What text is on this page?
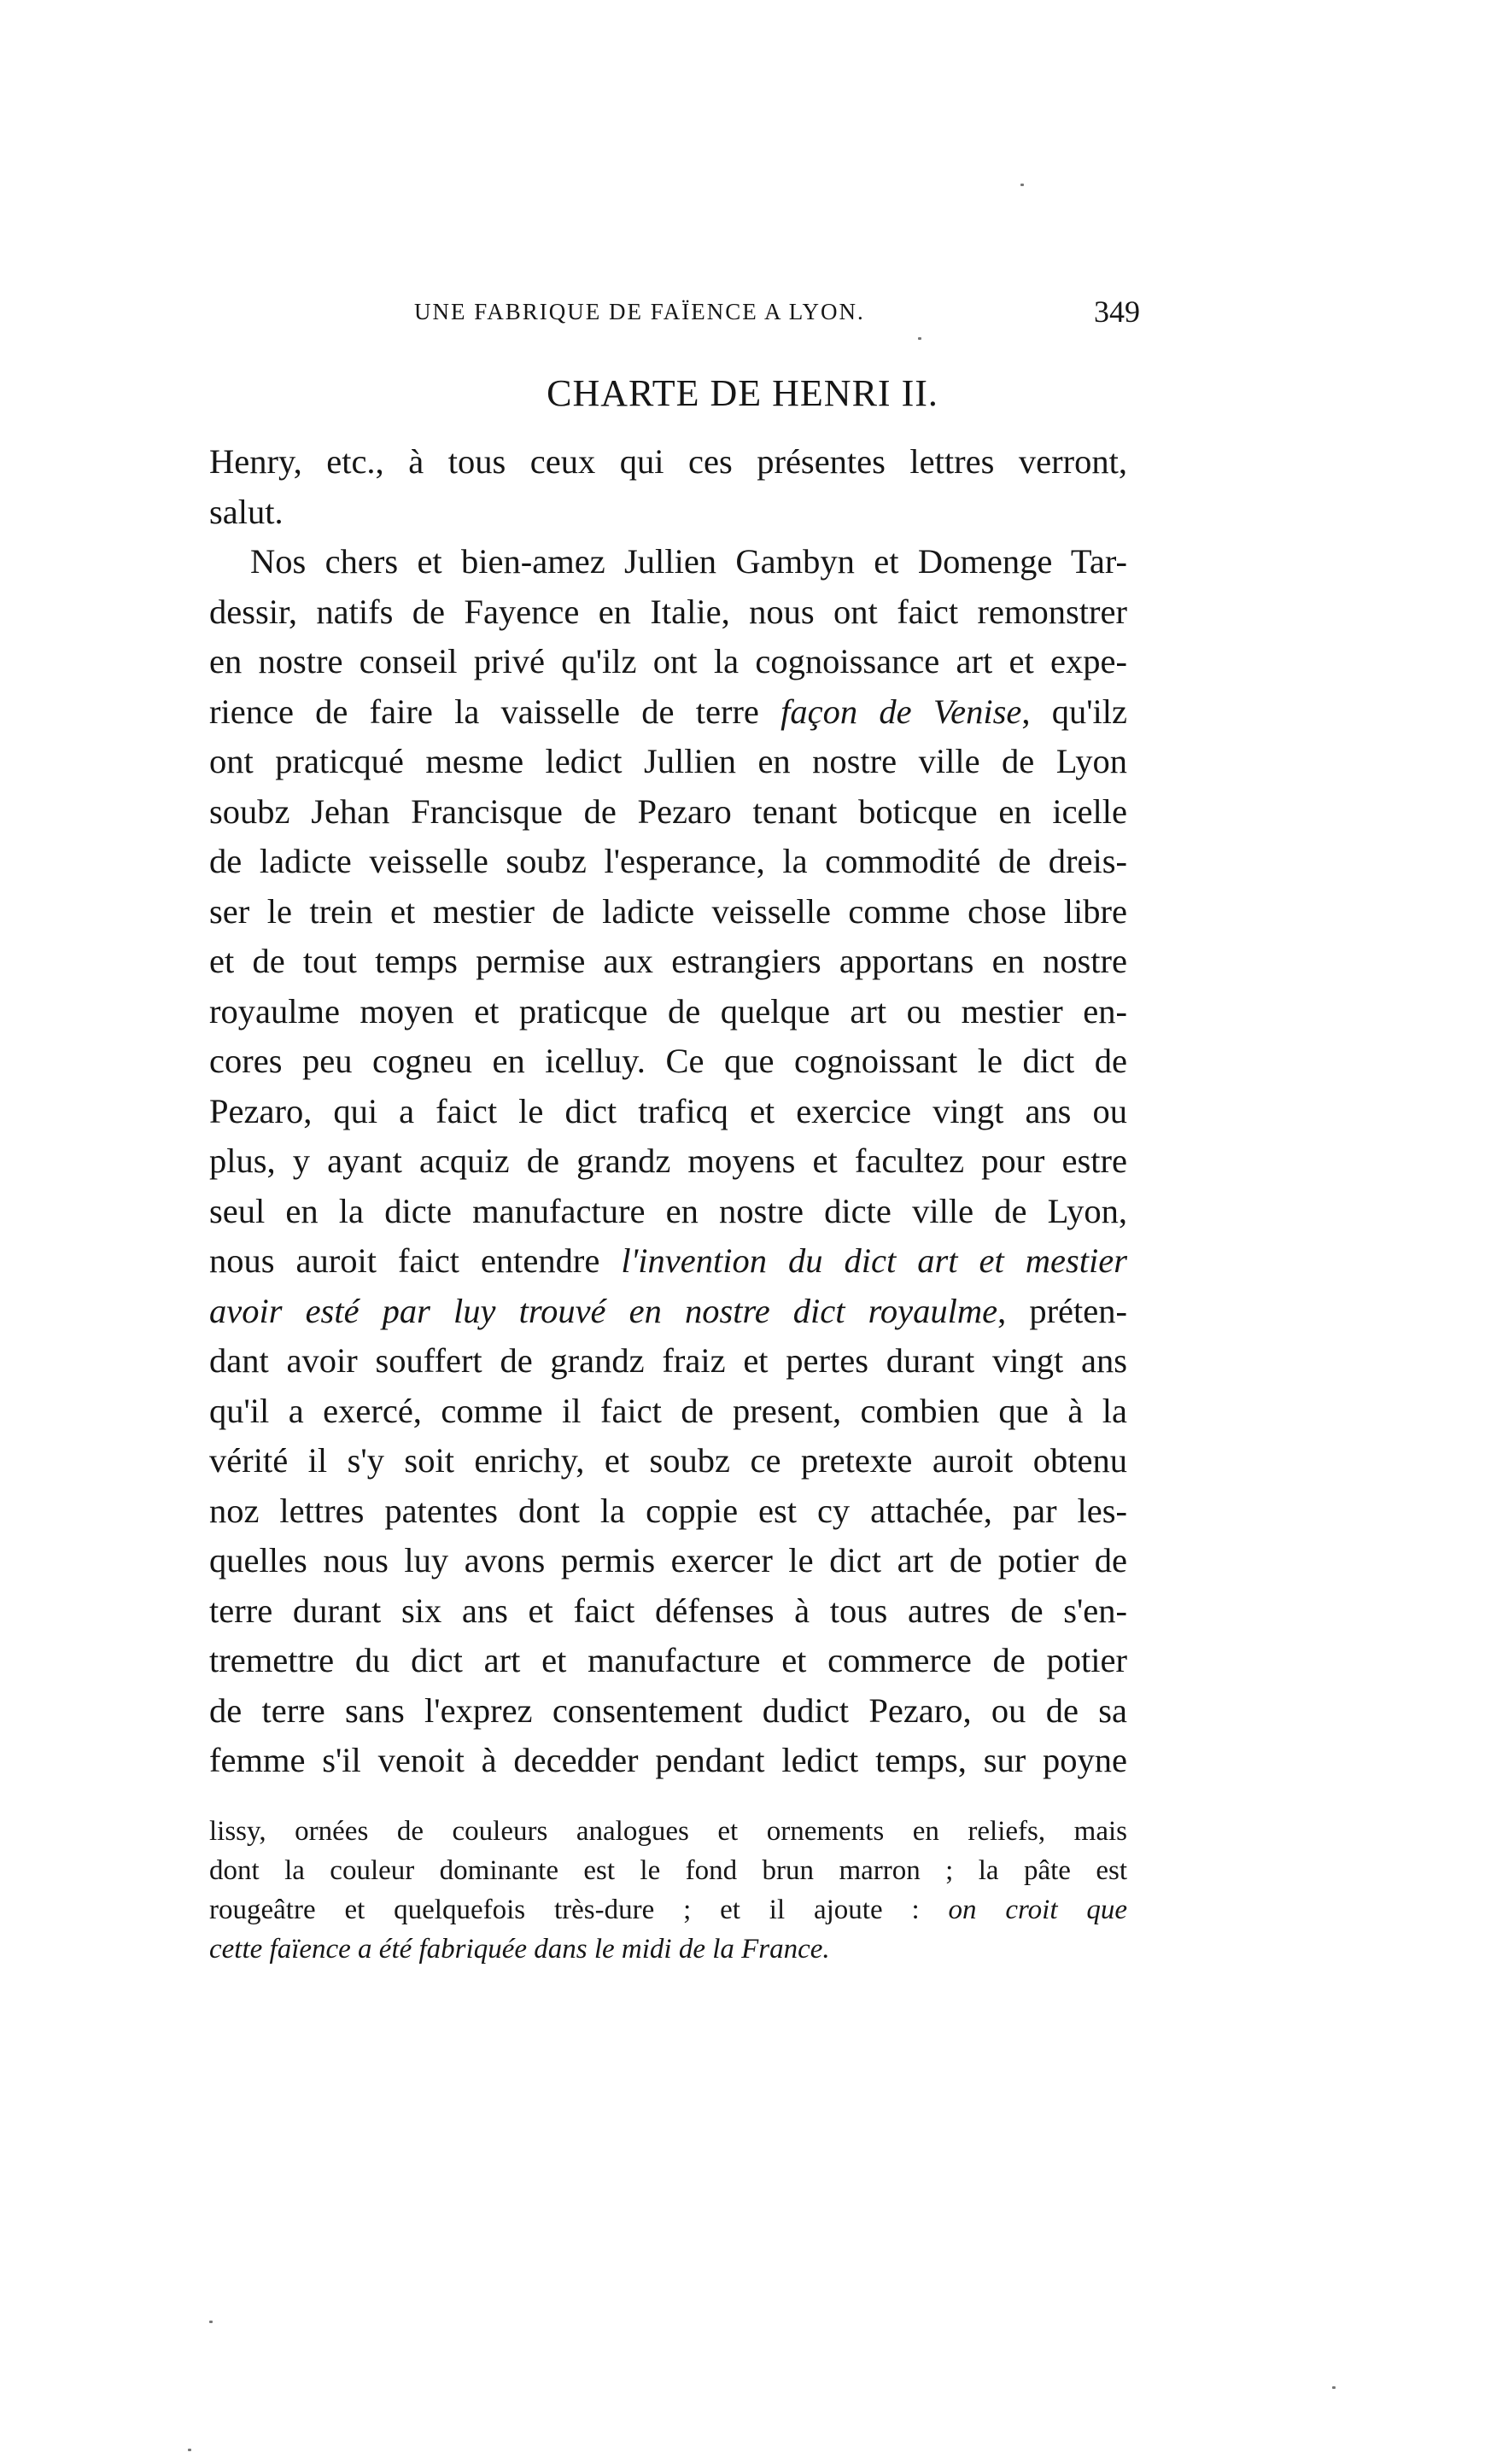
UNE FABRIQUE DE FAÏENCE A LYON.	349
CHARTE DE HENRI II.
Henry, etc., à tous ceux qui ces présentes lettres verront,
salut.
Nos chers et bien-amez Jullien Gambyn et Domenge Tar-
dessir, natifs de Fayence en Italie, nous ont faict remonstrer
en nostre conseil privé qu'ilz ont la cognoissance art et expe-
rience de faire la vaisselle de terre façon de Venise, qu'ilz
ont praticqué mesme ledict Jullien en nostre ville de Lyon
soubz Jehan Francisque de Pezaro tenant boticque en icelle
de ladicte veisselle soubz l'esperance, la commodité de dreis-
ser le trein et mestier de ladicte veisselle comme chose libre
et de tout temps permise aux estrangiers apportans en nostre
royaulme moyen et praticque de quelque art ou mestier en-
cores peu cogneu en icelluy. Ce que cognoissant le dict de
Pezaro, qui a faict le dict traficq et exercice vingt ans ou
plus, y ayant acquiz de grandz moyens et facultez pour estre
seul en la dicte manufacture en nostre dicte ville de Lyon,
nous auroit faict entendre l'invention du dict art et mestier
avoir esté par luy trouvé en nostre dict royaulme, préten-
dant avoir souffert de grandz fraiz et pertes durant vingt ans
qu'il a exercé, comme il faict de present, combien que à la
vérité il s'y soit enrichy, et soubz ce pretexte auroit obtenu
noz lettres patentes dont la coppie est cy attachée, par les-
quelles nous luy avons permis exercer le dict art de potier de
terre durant six ans et faict défenses à tous autres de s'en-
tremettre du dict art et manufacture et commerce de potier
de terre sans l'exprez consentement dudict Pezaro, ou de sa
femme s'il venoit à decedder pendant ledict temps, sur poyne
lissy, ornées de couleurs analogues et ornements en reliefs, mais
dont la couleur dominante est le fond brun marron ; la pâte est
rougeâtre et quelquefois très-dure ; et il ajoute : on croit que
cette faïence a été fabriquée dans le midi de la France.
